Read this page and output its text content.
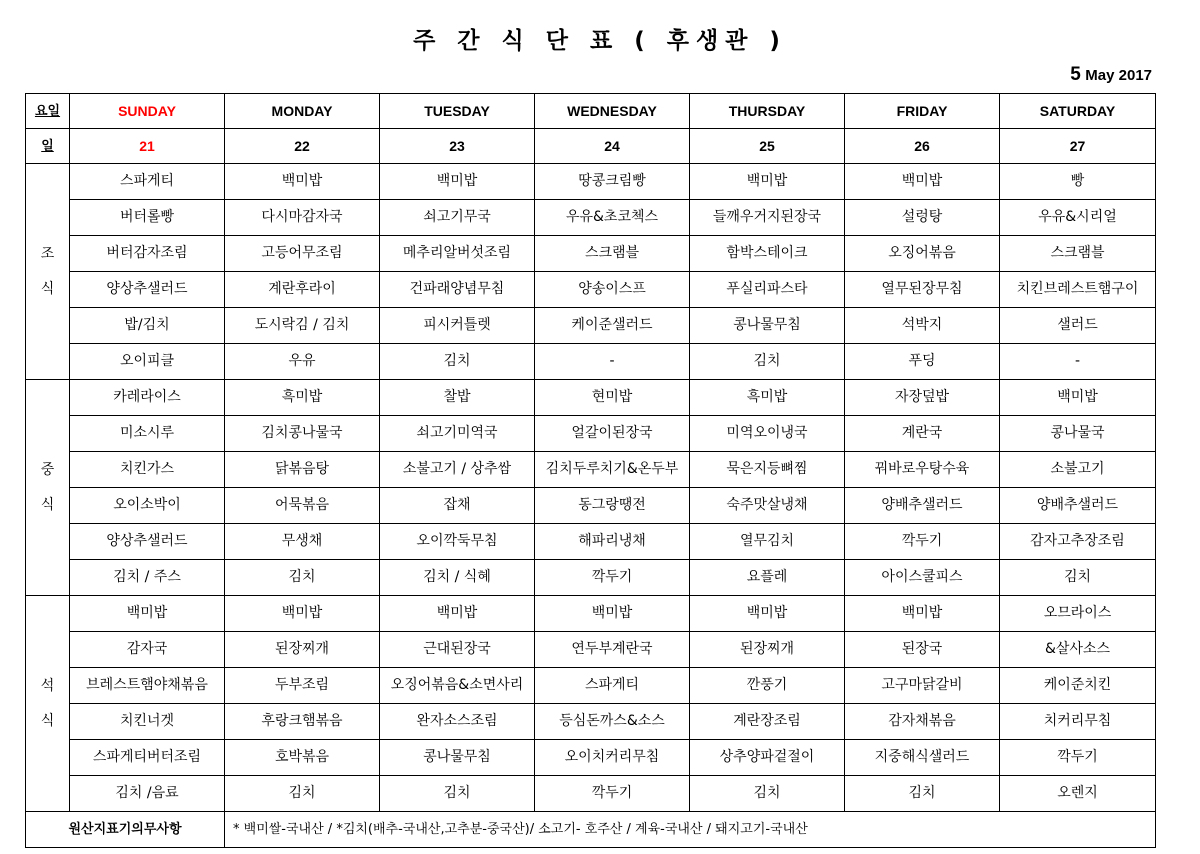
주 간 식 단 표 ( 후생관 )
5 May 2017
요일	SUNDAY	MONDAY	TUESDAY	WEDNESDAY	THURSDAY	FRIDAY	SATURDAY
일	21	22	23	24	25	26	27
조식	스파게티	백미밥	백미밥	땅콩크림빵	백미밥	백미밥	빵
	버터롤빵	다시마감자국	쇠고기무국	우유&초코첵스	들깨우거지된장국	설렁탕	우유&시리얼
	버터감자조림	고등어무조림	메추리알버섯조림	스크램블	함박스테이크	오징어볶음	스크램블
	양상추샐러드	계란후라이	건파래양념무침	양송이스프	푸실리파스타	열무된장무침	치킨브레스트햄구이
	밥/김치	도시락김 / 김치	피시커틀렛	케이준샐러드	콩나물무침	석박지	샐러드
	오이피클	우유	김치	-	김치	푸딩	-
중식	카레라이스	흑미밥	찰밥	현미밥	흑미밥	자장덮밥	백미밥
	미소시루	김치콩나물국	쇠고기미역국	얼갈이된장국	미역오이냉국	계란국	콩나물국
	치킨가스	닭볶음탕	소불고기 / 상추쌈	김치두루치기&온두부	묵은지등뼈찜	꿔바로우탕수육	소불고기
	오이소박이	어묵볶음	잡채	동그랑땡전	숙주맛살냉채	양배추샐러드	양배추샐러드
	양상추샐러드	무생채	오이깍둑무침	해파리냉채	열무김치	깍두기	감자고추장조림
	김치 / 주스	김치	김치 / 식혜	깍두기	요플레	아이스쿨피스	김치
석식	백미밥	백미밥	백미밥	백미밥	백미밥	백미밥	오므라이스
	감자국	된장찌개	근대된장국	연두부계란국	된장찌개	된장국	&살사소스
	브레스트햄야채볶음	두부조림	오징어볶음&소면사리	스파게티	깐풍기	고구마닭갈비	케이준치킨
	치킨너겟	후랑크햄볶음	완자소스조림	등심돈까스&소스	계란장조림	감자채볶음	치커리무침
	스파게티버터조림	호박볶음	콩나물무침	오이치커리무침	상추양파겉절이	지중해식샐러드	깍두기
	김치 /음료	김치	김치	깍두기	김치	김치	오렌지
원산지표기의무사항		* 백미쌀-국내산 / *김치(배추-국내산,고추분-중국산)/ 소고기- 호주산 / 계육-국내산 / 돼지고기-국내산					
